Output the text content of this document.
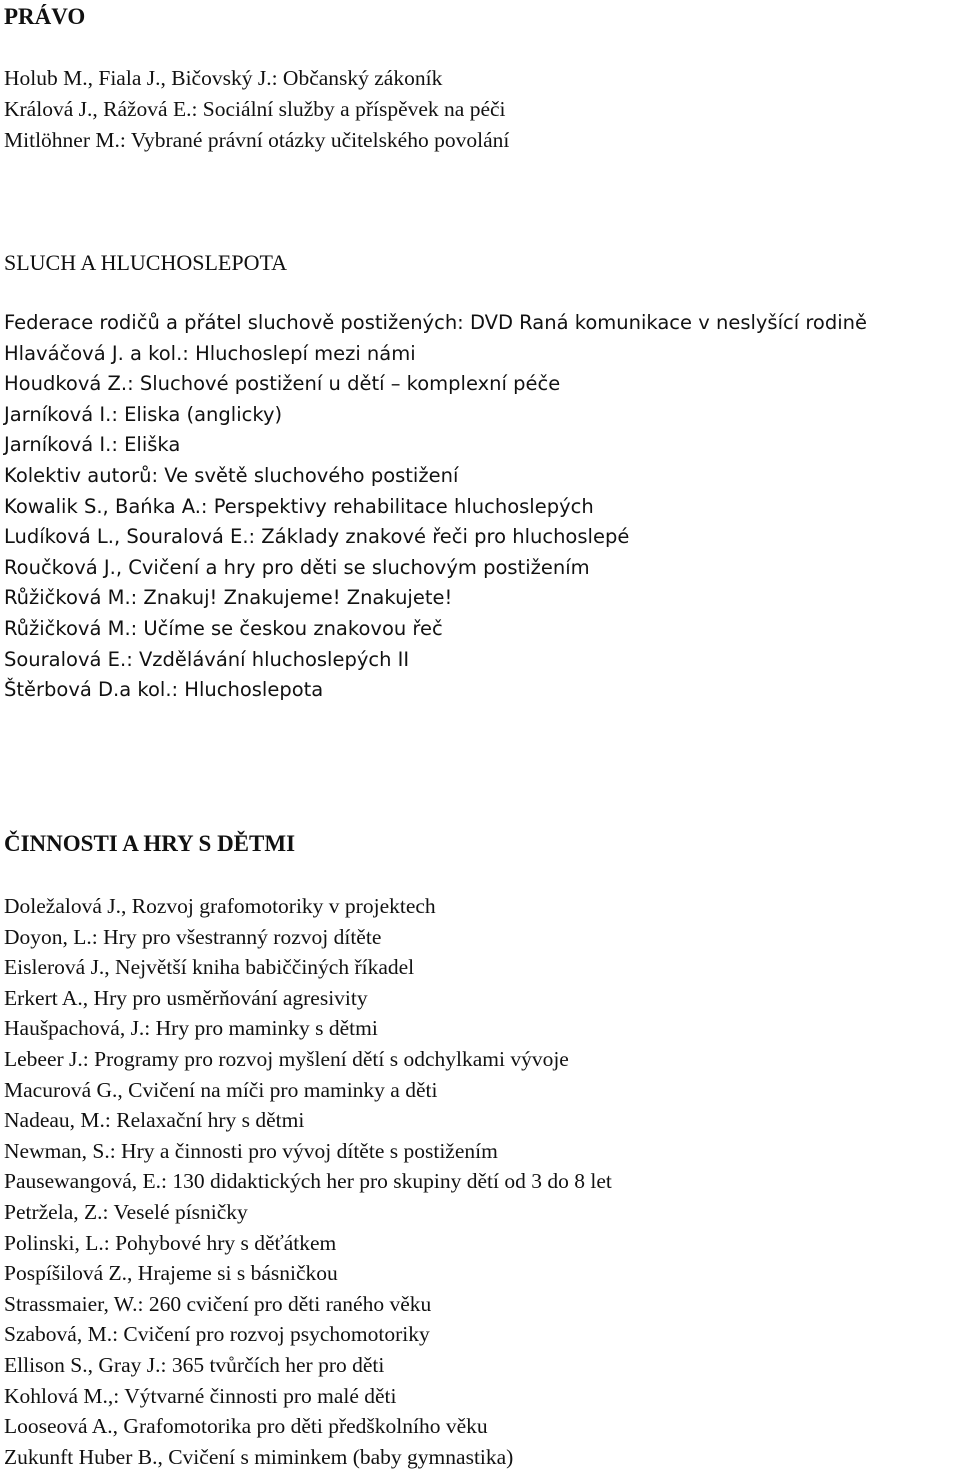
PRÁVO
Holub M., Fiala J., Bičovský J.: Občanský zákoník
Králová J., Rážová E.: Sociální služby a příspěvek na péči
Mitlöhner M.: Vybrané právní otázky učitelského povolání
SLUCH A HLUCHOSLEPOTA
Federace rodičů a přátel sluchově postižených: DVD Raná komunikace v neslyšící rodině
Hlaváčová J. a kol.: Hluchoslepí mezi námi
Houdková Z.: Sluchové postižení u dětí – komplexní péče
Jarníková I.: Eliska (anglicky)
Jarníková I.: Eliška
Kolektiv autorů: Ve světě sluchového postižení
Kowalik S., Bańka A.: Perspektivy rehabilitace hluchoslepých
Ludíková L., Souralová E.: Základy znakové řeči pro hluchoslepé
Roučková J., Cvičení a hry pro děti se sluchovým postižením
Růžičková M.: Znakuj! Znakujeme! Znakujete!
Růžičková M.: Učíme se českou znakovou řeč
Souralová E.: Vzdělávání hluchoslepých II
Štěrbová D.a kol.: Hluchoslepota
ČINNOSTI A HRY S DĚTMI
Doležalová J., Rozvoj grafomotoriky v projektech
Doyon, L.: Hry pro všestranný rozvoj dítěte
Eislerová J., Největší kniha babiččiných říkadel
Erkert A., Hry pro usměrňování agresivity
Haušpachová, J.: Hry pro maminky s dětmi
Lebeer J.: Programy pro rozvoj myšlení dětí s odchylkami vývoje
Macurová G., Cvičení na míči pro maminky a děti
Nadeau, M.: Relaxační hry s dětmi
Newman, S.: Hry a činnosti pro vývoj dítěte s postižením
Pausewangová, E.: 130 didaktických her pro skupiny dětí od 3 do 8 let
Petržela, Z.: Veselé písničky
Polinski, L.: Pohybové hry s děťátkem
Pospíšilová Z., Hrajeme si s básničkou
Strassmaier, W.: 260 cvičení pro děti raného věku
Szabová, M.: Cvičení pro rozvoj psychomotoriky
Ellison S., Gray J.: 365 tvůrčích her pro děti
Kohlová M.,: Výtvarné činnosti pro malé děti
Looseová A., Grafomotorika pro děti předškolního věku
Zukunft Huber B., Cvičení s miminkem (baby gymnastika)
